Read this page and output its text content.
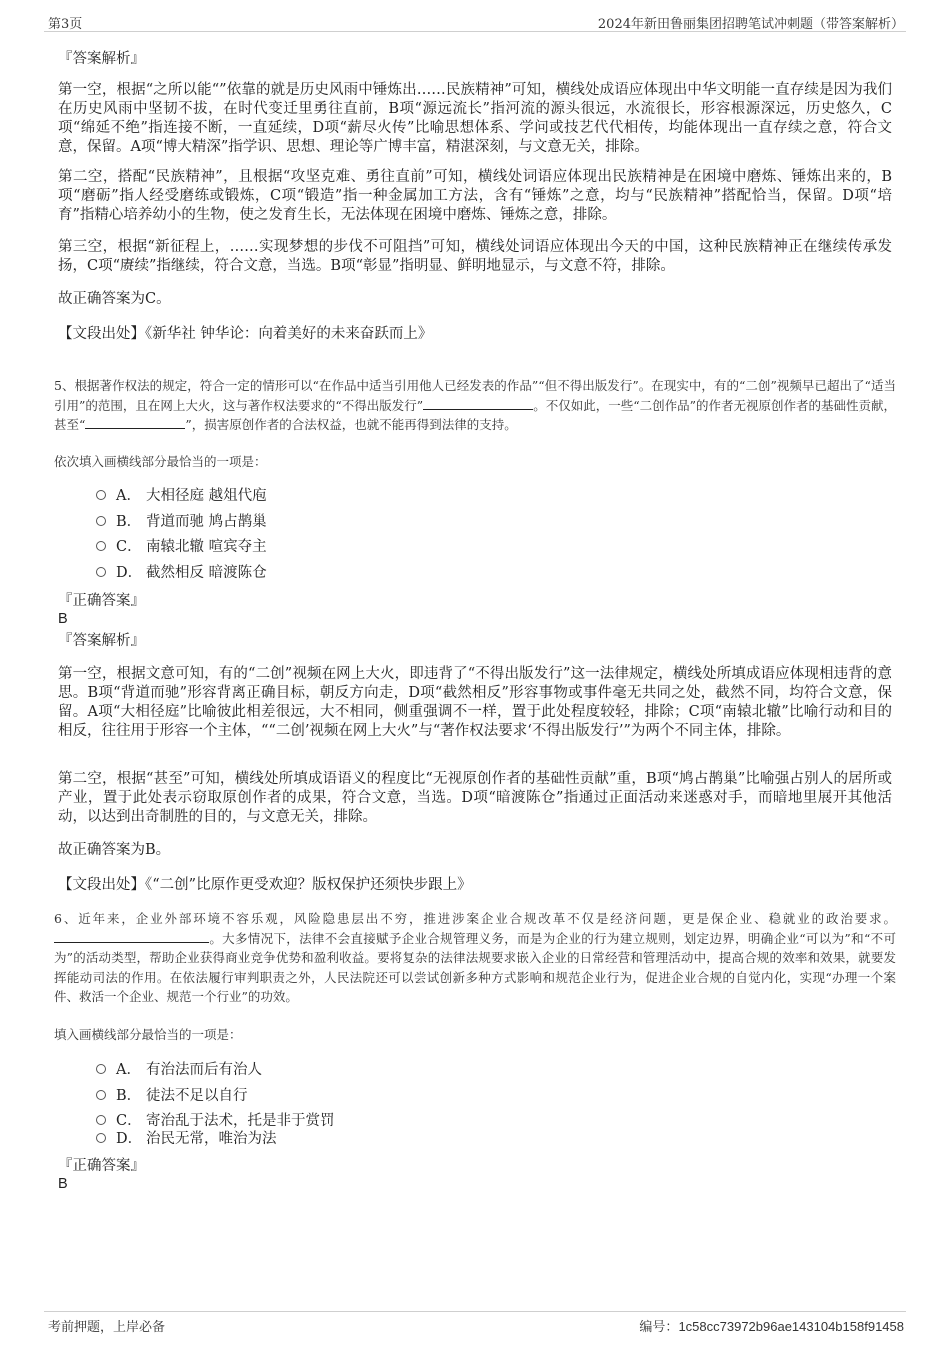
第3页	2024年新田鲁丽集团招聘笔试冲刺题（带答案解析）
『答案解析』

第一空，根据“之所以能“”依靠的就是历史风雨中锤炼出……民族精神”可知，横线处成语应体现出中华文明能一直存续是因为我们在历史风雨中坚韧不拔，在时代变迁里勇往直前，B项“源远流长”指河流的源头很远，水流很长，形容根源深远，历史悠久，C项“绵延不绝”指连接不断，一直延续，D项“薪尽火传”比喻思想体系、学问或技艺代代相传，均能体现出一直存续之意，符合文意，保留。A项“博大精深”指学识、思想、理论等广博丰富，精湛深刻，与文意无关，排除。

第二空，搭配“民族精神”，且根据“攻坚克难、勇往直前”可知，横线处词语应体现出民族精神是在困境中磨炼、锤炼出来的，B项“磨砺”指人经受磨练或锻炼，C项“锻造”指一种金属加工方法，含有“锤炼”之意，均与“民族精神”搭配恰当，保留。D项“培育”指精心培养幼小的生物，使之发育生长，无法体现在困境中磨炼、锤炼之意，排除。

第三空，根据“新征程上，……实现梦想的步伐不可阻挡”可知，横线处词语应体现出今天的中国，这种民族精神正在继续传承发扬，C项“赓续”指继续，符合文意，当选。B项“彰显”指明显、鲜明地显示，与文意不符，排除。

故正确答案为C。
【文段出处】《新华社 钟华论：向着美好的未来奋跃而上》

5、根据著作权法的规定，符合一定的情形可以“在作品中适当引用他人已经发表的作品”“但不得出版发行”。在现实中，有的“二创”视频早已超出了“适当引用”的范围，且在网上大火，这与著作权法要求的“不得出版发行”	。不仅如此，一些“二创作品”的作者无视原创作者的基础性贡献，甚至“	”，损害原创作者的合法权益，也就不能再得到法律的支持。

依次填入画横线部分最恰当的一项是：
A． 大相径庭 越俎代庖
B． 背道而驰 鸠占鹊巢
C． 南辕北辙 喧宾夺主
D． 截然相反 暗渡陈仓
『正确答案』
B
『答案解析』

第一空，根据文意可知，有的“二创”视频在网上大火，即违背了“不得出版发行”这一法律规定，横线处所填成语应体现相违背的意思。B项“背道而驰”形容背离正确目标，朝反方向走，D项“截然相反”形容事物或事件毫无共同之处，截然不同，均符合文意，保留。A项“大相径庭”比喻彼此相差很远，大不相同，侧重强调不一样，置于此处程度较轻，排除；C项“南辕北辙”比喻行动和目的相反，往往用于形容一个主体，““二创’视频在网上大火”与“著作权法要求‘不得出版发行’”为两个不同主体，排除。

第二空，根据“甚至”可知，横线处所填成语语义的程度比“无视原创作者的基础性贡献”重，B项“鸠占鹊巢”比喻强占别人的居所或产业，置于此处表示窃取原创作者的成果，符合文意，当选。D项“暗渡陈仓”指通过正面活动来迷惑对手，而暗地里展开其他活动，以达到出奇制胜的目的，与文意无关，排除。

故正确答案为B。
【文段出处】《“二创”比原作更受欢迎？版权保护还须快步跟上》

6、近年来，企业外部环境不容乐观，风险隐患层出不穷，推进涉案企业合规改革不仅是经济问题，更是保企业、稳就业的政治要求。。大多情况下，法律不会直接赋予企业合规管理义务，而是为企业的行为建立规则，划定边界，明确企业“可以为”和“不可为”的活动类型，帮助企业获得商业竞争优势和盈利收益。要将复杂的法律法规要求嵌入企业的日常经营和管理活动中，提高合规的效率和效果，就要发挥能动司法的作用。在依法履行审判职责之外，人民法院还可以尝试创新多种方式影响和规范企业行为，促进企业合规的自觉内化，实现“办理一个案件、救活一个企业、规范一个行业”的功效。

填入画横线部分最恰当的一项是：
A． 有治法而后有治人
B． 徒法不足以自行
C． 寄治乱于法术，托是非于赏罚
D． 治民无常，唯治为法
『正确答案』
B
考前押题，上岸必备	编号：1c58cc73972b96ae143104b158f91458
